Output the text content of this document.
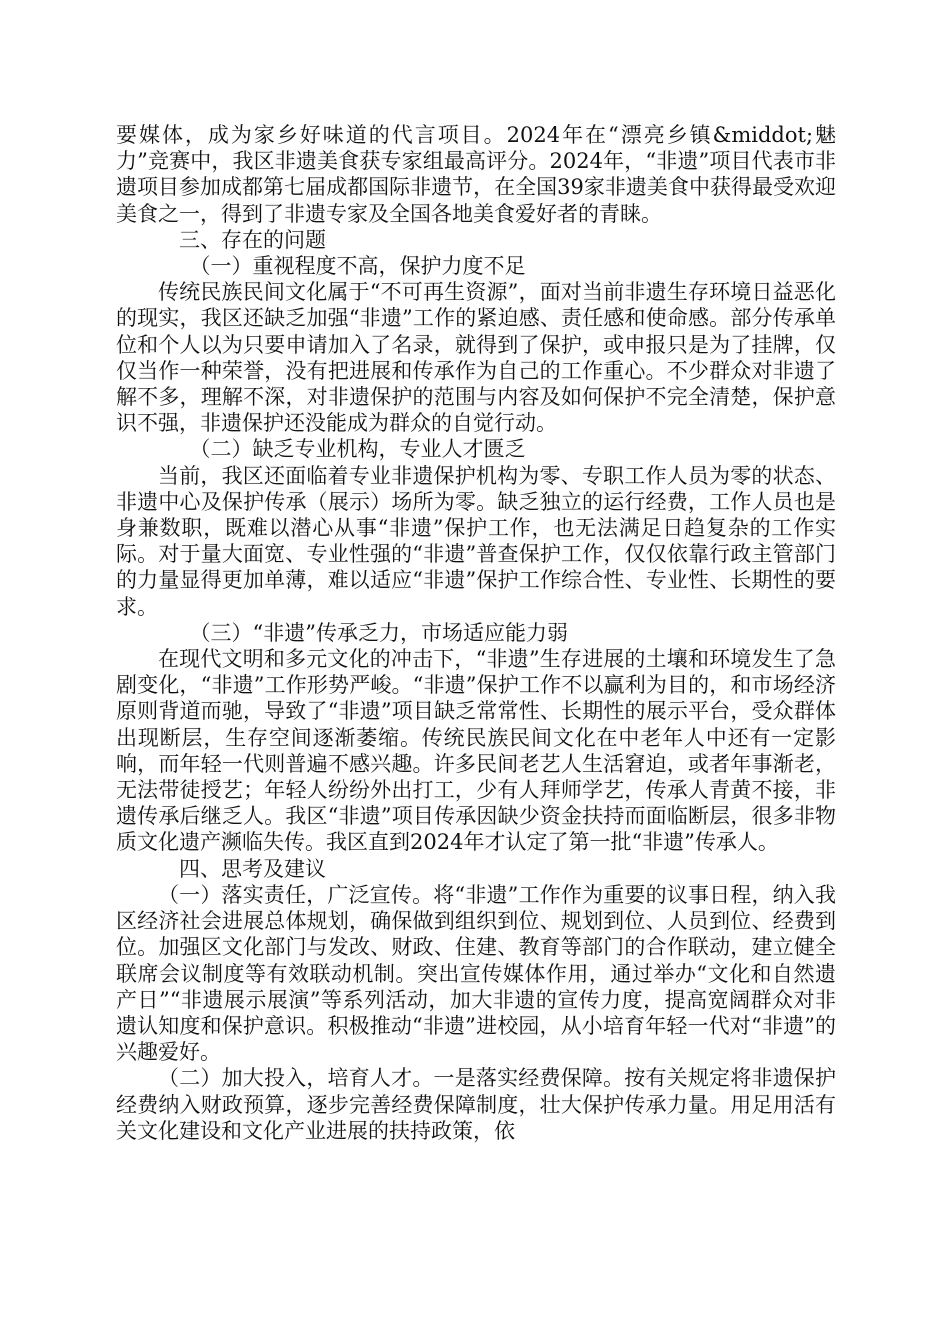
要媒体，成为家乡好味道的代言项目。2024年在“漂亮乡镇&middot;魅力”竞赛中，我区非遗美食获专家组最高评分。2024年，“非遗”项目代表市非遗项目参加成都第七届成都国际非遗节，在全国39家非遗美食中获得最受欢迎美食之一，得到了非遗专家及全国各地美食爱好者的青睐。

三、存在的问题

（一）重视程度不高，保护力度不足

传统民族民间文化属于“不可再生资源”，面对当前非遗生存环境日益恶化的现实，我区还缺乏加强“非遗”工作的紧迫感、责任感和使命感。部分传承单位和个人以为只要申请加入了名录，就得到了保护，或申报只是为了挂牌，仅仅当作一种荣誉，没有把进展和传承作为自己的工作重心。不少群众对非遗了解不多，理解不深，对非遗保护的范围与内容及如何保护不完全清楚，保护意识不强，非遗保护还没能成为群众的自觉行动。

（二）缺乏专业机构，专业人才匮乏

当前，我区还面临着专业非遗保护机构为零、专职工作人员为零的状态、非遗中心及保护传承（展示）场所为零。缺乏独立的运行经费，工作人员也是身兼数职，既难以潜心从事“非遗”保护工作，也无法满足日趋复杂的工作实际。对于量大面宽、专业性强的“非遗”普查保护工作，仅仅依靠行政主管部门的力量显得更加单薄，难以适应“非遗”保护工作综合性、专业性、长期性的要求。

（三）“非遗”传承乏力，市场适应能力弱

在现代文明和多元文化的冲击下，“非遗”生存进展的土壤和环境发生了急剧变化，“非遗”工作形势严峻。“非遗”保护工作不以赢利为目的，和市场经济原则背道而驰，导致了“非遗”项目缺乏常常性、长期性的展示平台，受众群体出现断层，生存空间逐渐萎缩。传统民族民间文化在中老年人中还有一定影响，而年轻一代则普遍不感兴趣。许多民间老艺人生活窘迫，或者年事渐老，无法带徒授艺；年轻人纷纷外出打工，少有人拜师学艺，传承人青黄不接，非遗传承后继乏人。我区“非遗”项目传承因缺少资金扶持而面临断层，很多非物质文化遗产濒临失传。我区直到2024年才认定了第一批“非遗”传承人。

四、思考及建议

（一）落实责任，广泛宣传。将“非遗”工作作为重要的议事日程，纳入我区经济社会进展总体规划，确保做到组织到位、规划到位、人员到位、经费到位。加强区文化部门与发改、财政、住建、教育等部门的合作联动，建立健全联席会议制度等有效联动机制。突出宣传媒体作用，通过举办“文化和自然遗产日”“非遗展示展演”等系列活动，加大非遗的宣传力度，提高宽阔群众对非遗认知度和保护意识。积极推动“非遗”进校园，从小培育年轻一代对“非遗”的兴趣爱好。

（二）加大投入，培育人才。一是落实经费保障。按有关规定将非遗保护经费纳入财政预算，逐步完善经费保障制度，壮大保护传承力量。用足用活有关文化建设和文化产业进展的扶持政策，依
